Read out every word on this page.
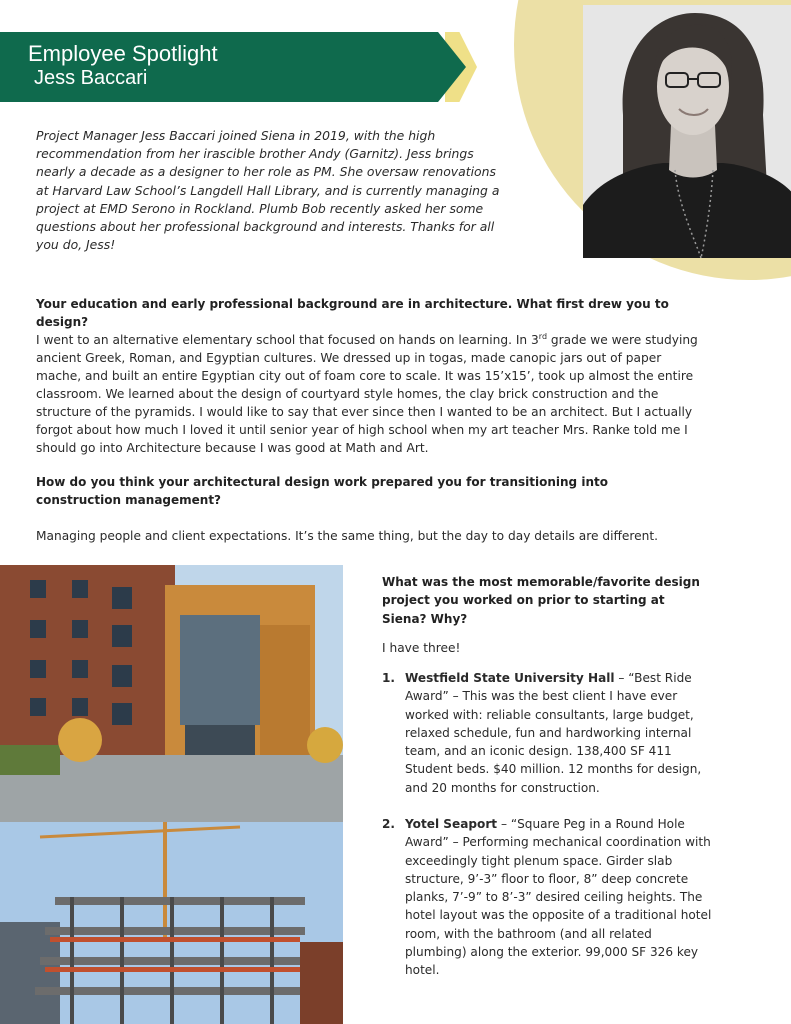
Employee Spotlight
Jess Baccari
Project Manager Jess Baccari joined Siena in 2019, with the high recommendation from her irascible brother Andy (Garnitz). Jess brings nearly a decade as a designer to her role as PM. She oversaw renovations at Harvard Law School’s Langdell Hall Library, and is currently managing a project at EMD Serono in Rockland. Plumb Bob recently asked her some questions about her professional background and interests. Thanks for all you do, Jess!
Your education and early professional background are in architecture. What first drew you to design?
I went to an alternative elementary school that focused on hands on learning. In 3rd grade we were studying ancient Greek, Roman, and Egyptian cultures. We dressed up in togas, made canopic jars out of paper mache, and built an entire Egyptian city out of foam core to scale. It was 15’x15’, took up almost the entire classroom. We learned about the design of courtyard style homes, the clay brick construction and the structure of the pyramids. I would like to say that ever since then I wanted to be an architect. But I actually forgot about how much I loved it until senior year of high school when my art teacher Mrs. Ranke told me I should go into Architecture because I was good at Math and Art.
How do you think your architectural design work prepared you for transitioning into construction management?
Managing people and client expectations. It’s the same thing, but the day to day details are different.
What was the most memorable/favorite design project you worked on prior to starting at Siena? Why?
I have three!
1. Westfield State University Hall – “Best Ride Award” – This was the best client I have ever worked with: reliable consultants, large budget, relaxed schedule, fun and hardworking internal team, and an iconic design. 138,400 SF 411 Student beds. $40 million. 12 months for design, and 20 months for construction.
2. Yotel Seaport – “Square Peg in a Round Hole Award” – Performing mechanical coordination with exceedingly tight plenum space. Girder slab structure, 9’-3” floor to floor, 8” deep concrete planks, 7’-9” to 8’-3” desired ceiling heights. The hotel layout was the opposite of a traditional hotel room, with the bathroom (and all related plumbing) along the exterior. 99,000 SF 326 key hotel.
